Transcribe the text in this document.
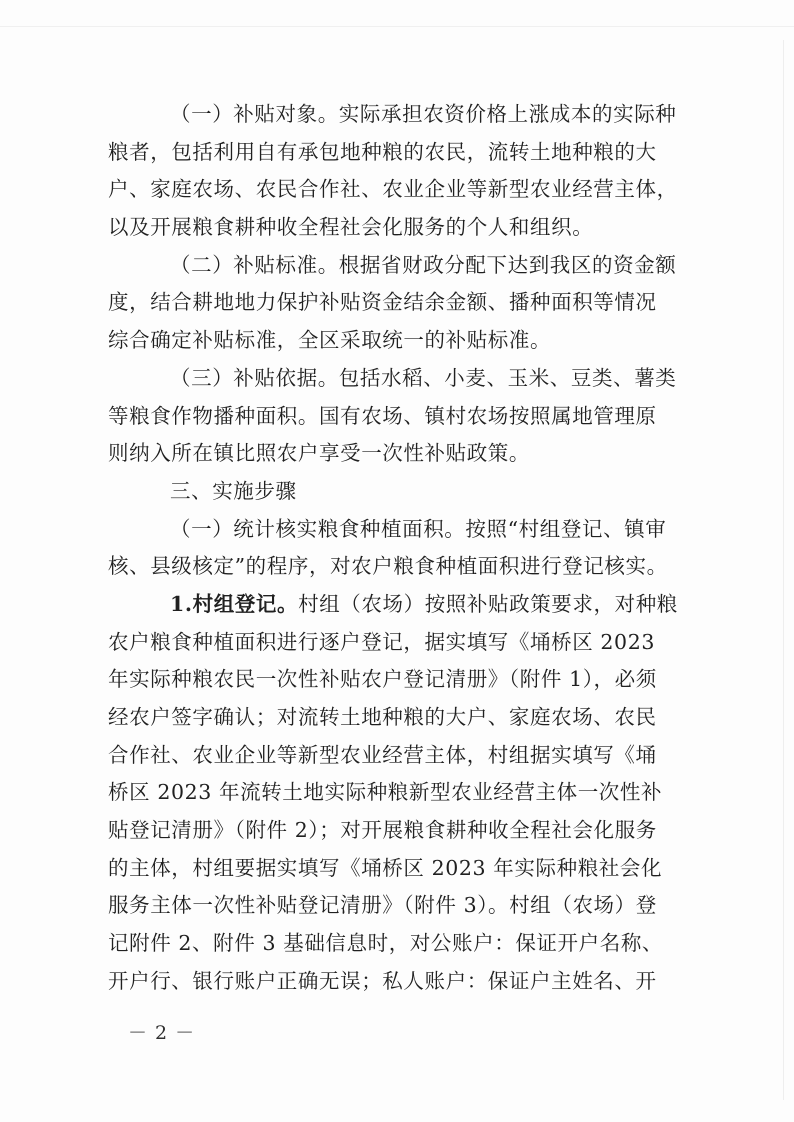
（一）补贴对象。实际承担农资价格上涨成本的实际种
粮者，包括利用自有承包地种粮的农民，流转土地种粮的大
户、家庭农场、农民合作社、农业企业等新型农业经营主体，
以及开展粮食耕种收全程社会化服务的个人和组织。
（二）补贴标准。根据省财政分配下达到我区的资金额
度，结合耕地地力保护补贴资金结余金额、播种面积等情况
综合确定补贴标准，全区采取统一的补贴标准。
（三）补贴依据。包括水稻、小麦、玉米、豆类、薯类
等粮食作物播种面积。国有农场、镇村农场按照属地管理原
则纳入所在镇比照农户享受一次性补贴政策。
三、实施步骤
（一）统计核实粮食种植面积。按照“村组登记、镇审
核、县级核定”的程序，对农户粮食种植面积进行登记核实。
1.村组登记。村组（农场）按照补贴政策要求，对种粮
农户粮食种植面积进行逐户登记，据实填写《埇桥区 2023
年实际种粮农民一次性补贴农户登记清册》（附件 1），必须
经农户签字确认；对流转土地种粮的大户、家庭农场、农民
合作社、农业企业等新型农业经营主体，村组据实填写《埇
桥区 2023 年流转土地实际种粮新型农业经营主体一次性补
贴登记清册》（附件 2）；对开展粮食耕种收全程社会化服务
的主体，村组要据实填写《埇桥区 2023 年实际种粮社会化
服务主体一次性补贴登记清册》（附件 3）。村组（农场）登
记附件 2、附件 3 基础信息时，对公账户：保证开户名称、
开户行、银行账户正确无误；私人账户：保证户主姓名、开
－ 2 －
